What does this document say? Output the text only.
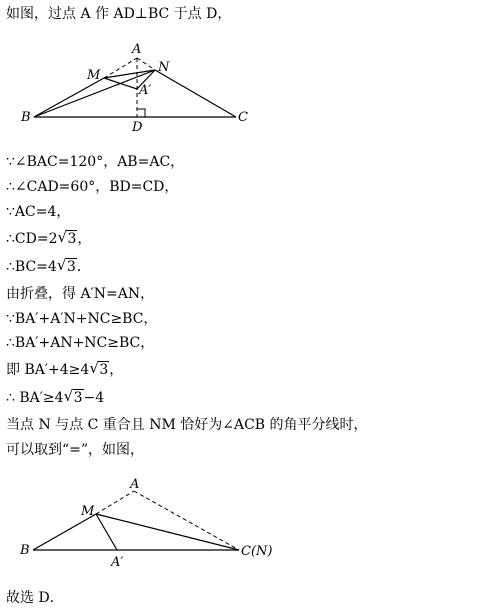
如图，过点 A 作 AD⊥BC 于点 D，
A
M
N
A′
B
D
C
∵∠BAC=120°，AB=AC，
∴∠CAD=60°，BD=CD，
∵AC=4，
∴CD=2 √ 3，
∴BC=4 √ 3．
由折叠，得 A′N=AN，
∵BA′+A′N+NC≥BC，
∴BA′+AN+NC≥BC，
即 BA′+4≥4 √ 3，
∴ BA′≥4 √ 3−4
当点 N 与点 C 重合且 NM 恰好为∠ACB 的角平分线时，
可以取到“=”，如图，
A
M
B
A′
C(N)
故选 D．
